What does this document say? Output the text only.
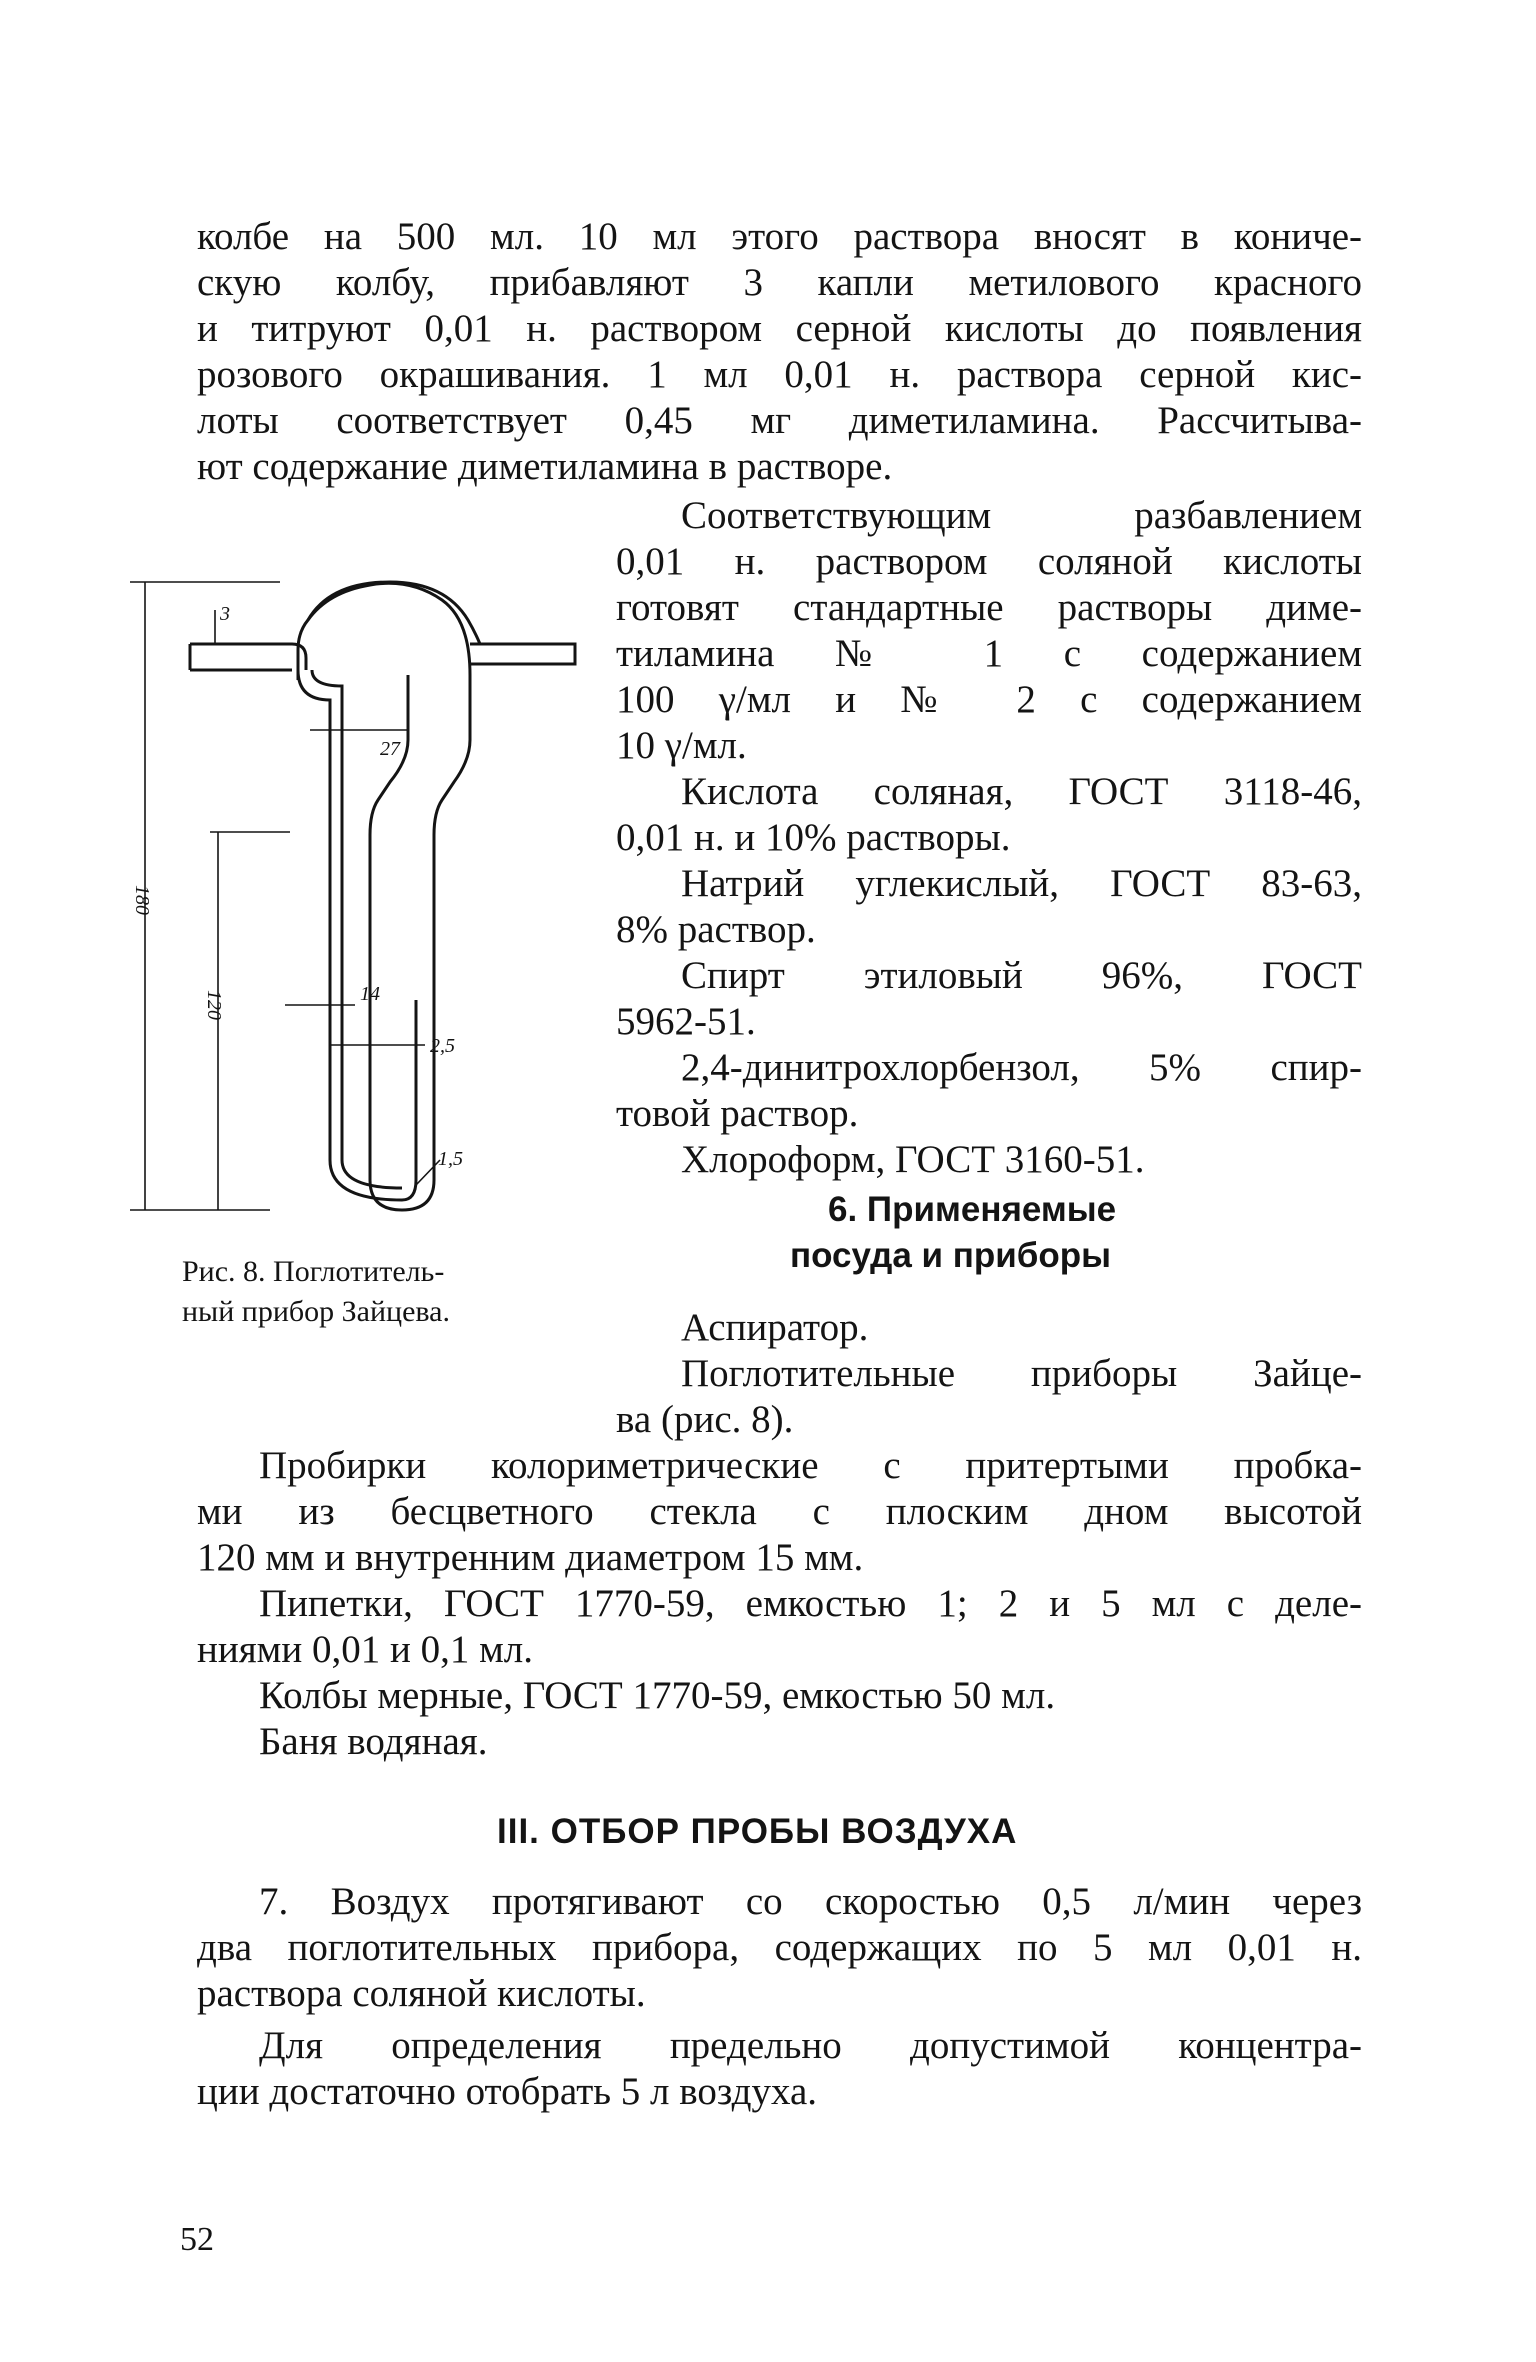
колбе на 500 мл. 10 мл этого раствора вносят в кониче-
скую колбу, прибавляют 3 капли метилового красного
и титруют 0,01 н. раствором серной кислоты до появления
розового окрашивания. 1 мл 0,01 н. раствора серной кис-
лоты соответствует 0,45 мг диметиламина. Рассчитыва-
ют содержание диметиламина в растворе.
Соответствующим разбавлением
0,01 н. раствором соляной кислоты
готовят стандартные растворы диме-
тиламина № 1 с содержанием
100 γ/мл и № 2 с содержанием
10 γ/мл.
Кислота соляная, ГОСТ 3118-46,
0,01 н. и 10% растворы.
Натрий углекислый, ГОСТ 83-63,
8% раствор.
Спирт этиловый 96%, ГОСТ
5962-51.
2,4-динитрохлорбензол, 5% спир-
товой раствор.
Хлороформ, ГОСТ 3160-51.
6. Применяемые
посуда и приборы
Аспиратор.
Поглотительные приборы Зайце-
ва (рис. 8).
Пробирки колориметрические с притертыми пробка-
ми из бесцветного стекла с плоским дном высотой
120 мм и внутренним диаметром 15 мм.
Пипетки, ГОСТ 1770-59, емкостью 1; 2 и 5 мл с деле-
ниями 0,01 и 0,1 мл.
Колбы мерные, ГОСТ 1770-59, емкостью 50 мл.
Баня водяная.
III. ОТБОР ПРОБЫ ВОЗДУХА
7. Воздух протягивают со скоростью 0,5 л/мин через
два поглотительных прибора, содержащих по 5 мл 0,01 н.
раствора соляной кислоты.
Для определения предельно допустимой концентра-
ции достаточно отобрать 5 л воздуха.
52
3
27
180
14
120
2,5
1,5
Рис. 8. Поглотитель-
ный прибор Зайцева.
